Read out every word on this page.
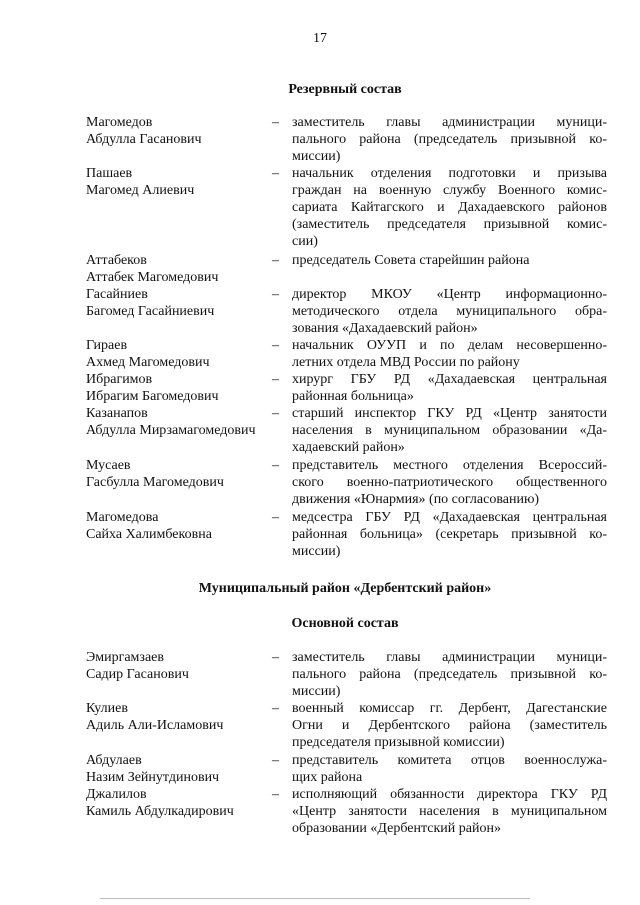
17
Резервный состав
Магомедов
Абдулла Гасанович
– заместитель главы администрации муници-
пального района (председатель призывной ко-
миссии)
Пашаев
Магомед Алиевич
– начальник отделения подготовки и призыва
граждан на военную службу Военного комис-
сариата Кайтагского и Дахадаевского районов
(заместитель председателя призывной комис-
сии)
Аттабеков
Аттабек Магомедович
– председатель Совета старейшин района
Гасайниев
Багомед Гасайниевич
– директор МКОУ «Центр информационно-
методического отдела муниципального обра-
зования «Дахадаевский район»
Гираев
Ахмед Магомедович
– начальник ОУУП и по делам несовершенно-
летних отдела МВД России по району
Ибрагимов
Ибрагим Багомедович
– хирург ГБУ РД «Дахадаевская центральная
районная больница»
Казанапов
Абдулла Мирзамагомедович
– старший инспектор ГКУ РД «Центр занятости
населения в муниципальном образовании «Да-
хадаевский район»
Мусаев
Гасбулла Магомедович
– представитель местного отделения Всероссий-
ского военно-патриотического общественного
движения «Юнармия» (по согласованию)
Магомедова
Сайха Халимбековна
– медсестра ГБУ РД «Дахадаевская центральная
районная больница» (секретарь призывной ко-
миссии)
Муниципальный район «Дербентский район»
Основной состав
Эмиргамзаев
Садир Гасанович
– заместитель главы администрации муници-
пального района (председатель призывной ко-
миссии)
Кулиев
Адиль Али-Исламович
– военный комиссар гг. Дербент, Дагестанские
Огни и Дербентского района (заместитель
председателя призывной комиссии)
Абдулаев
Назим Зейнутдинович
– представитель комитета отцов военнослужа-
щих района
Джалилов
Камиль Абдулкадирович
– исполняющий обязанности директора ГКУ РД
«Центр занятости населения в муниципальном
образовании «Дербентский район»
